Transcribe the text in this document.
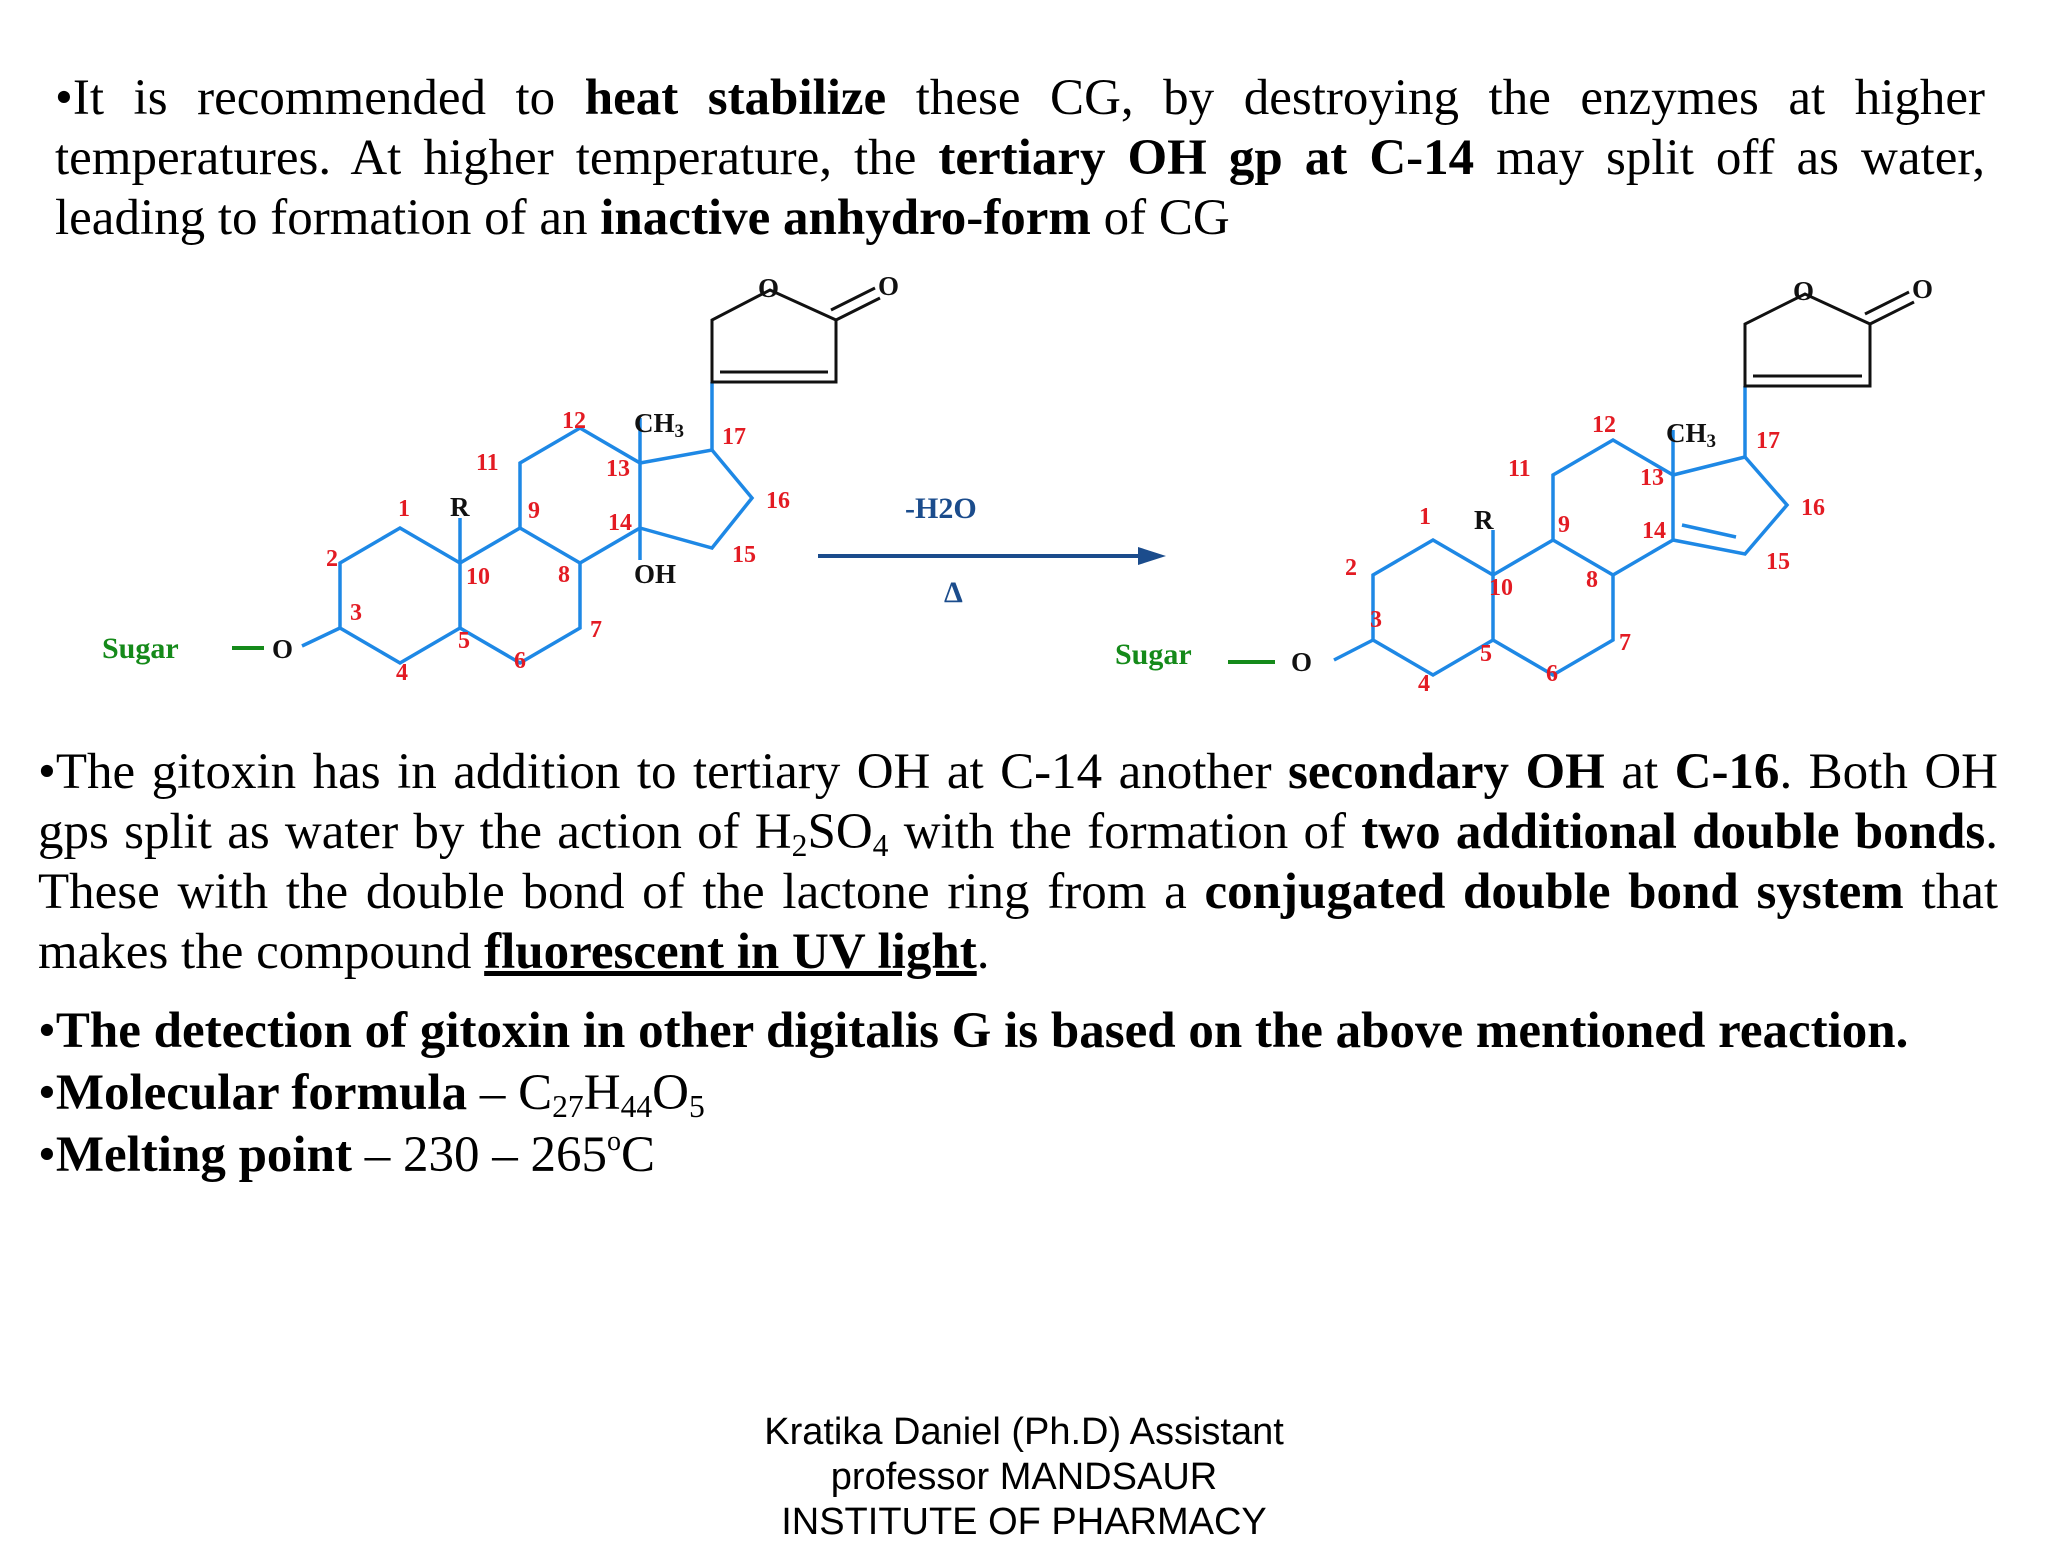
•It is recommended to heat stabilize these CG, by destroying the enzymes at higher temperatures. At higher temperature, the tertiary OH gp at C-14 may split off as water, leading to formation of an inactive anhydro-form of CG
Sugar	O
R
CH3
OH
O	O
1
2
3
4
5
6
7
8
9
10
11
12
13
14
15
16
17
-H2O
Δ
Sugar	O
R
CH3
O	O
1
2
3
4
5
6
7
8
9
10
11
12
13
14
15
16
17
•The gitoxin has in addition to tertiary OH at C-14 another secondary OH at C-16. Both OH gps split as water by the action of $H_2SO_4$ with the formation of two additional double bonds. These with the double bond of the lactone ring from a conjugated double bond system that makes the compound fluorescent in UV light.
•The detection of gitoxin in other digitalis G is based on the above mentioned reaction.
•Molecular formula – $C_{27}H_{44}O_5$
•Melting point – 230 – 265$^o$C
Kratika Daniel (Ph.D) Assistant
professor MANDSAUR
INSTITUTE OF PHARMACY
